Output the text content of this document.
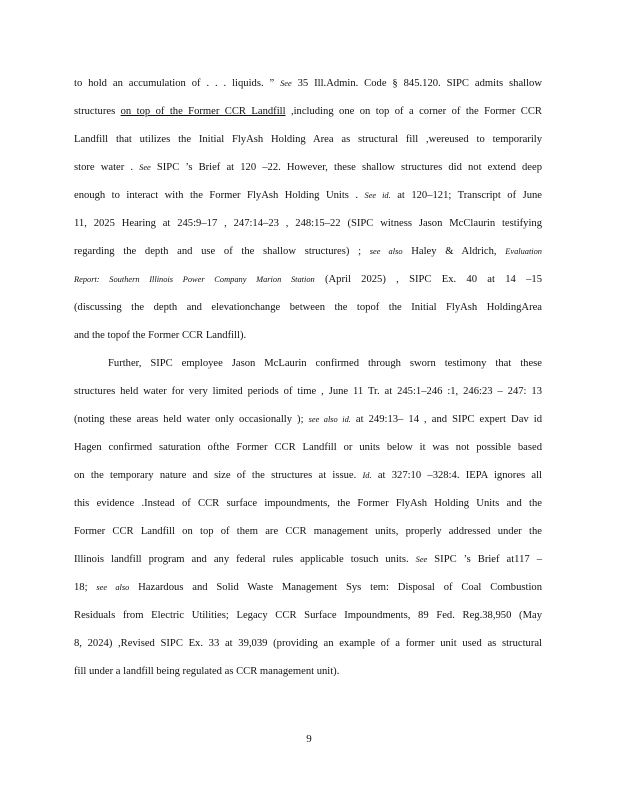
to hold an accumulation of . . . liquids. ” See 35 Ill.Admin. Code § 845.120. SIPC admits shallow
structures on top of the Former CCR Landfill ,including one on top of a corner of the Former CCR
Landfill that utilizes the Initial FlyAsh Holding Area as structural fill ,wereused to temporarily
store water . See SIPC ’s Brief at 120 –22. However, these shallow structures did not extend deep
enough to interact with the Former FlyAsh Holding Units . See id. at 120–121; Transcript of June
11, 2025 Hearing at 245:9–17 , 247:14–23 , 248:15–22 (SIPC witness Jason McClaurin testifying
regarding the depth and use of the shallow structures) ; see also Haley & Aldrich, Evaluation
Report: Southern Illinois Power Company Marion Station (April 2025) , SIPC Ex. 40 at 14 –15
(discussing the depth and elevationchange between the topof the Initial FlyAsh HoldingArea
and the topof the Former CCR Landfill).
Further, SIPC employee Jason McLaurin confirmed through sworn testimony that these
structures held water for very limited periods of time , June 11 Tr. at 245:1–246 :1, 246:23 – 247: 13
(noting these areas held water only occasionally ); see also id. at 249:13– 14 , and SIPC expert Dav id
Hagen confirmed saturation ofthe Former CCR Landfill or units below it was not possible based
on the temporary nature and size of the structures at issue. Id. at 327:10 –328:4. IEPA ignores all
this evidence .Instead of CCR surface impoundments, the Former FlyAsh Holding Units and the
Former CCR Landfill on top of them are CCR management units, properly addressed under the
Illinois landfill program and any federal rules applicable tosuch units. See SIPC ’s Brief at117 –
18; see also Hazardous and Solid Waste Management Sys tem: Disposal of Coal Combustion
Residuals from Electric Utilities; Legacy CCR Surface Impoundments, 89 Fed. Reg.38,950 (May
8, 2024) ,Revised SIPC Ex. 33 at 39,039 (providing an example of a former unit used as structural
fill under a landfill being regulated as CCR management unit).
9
